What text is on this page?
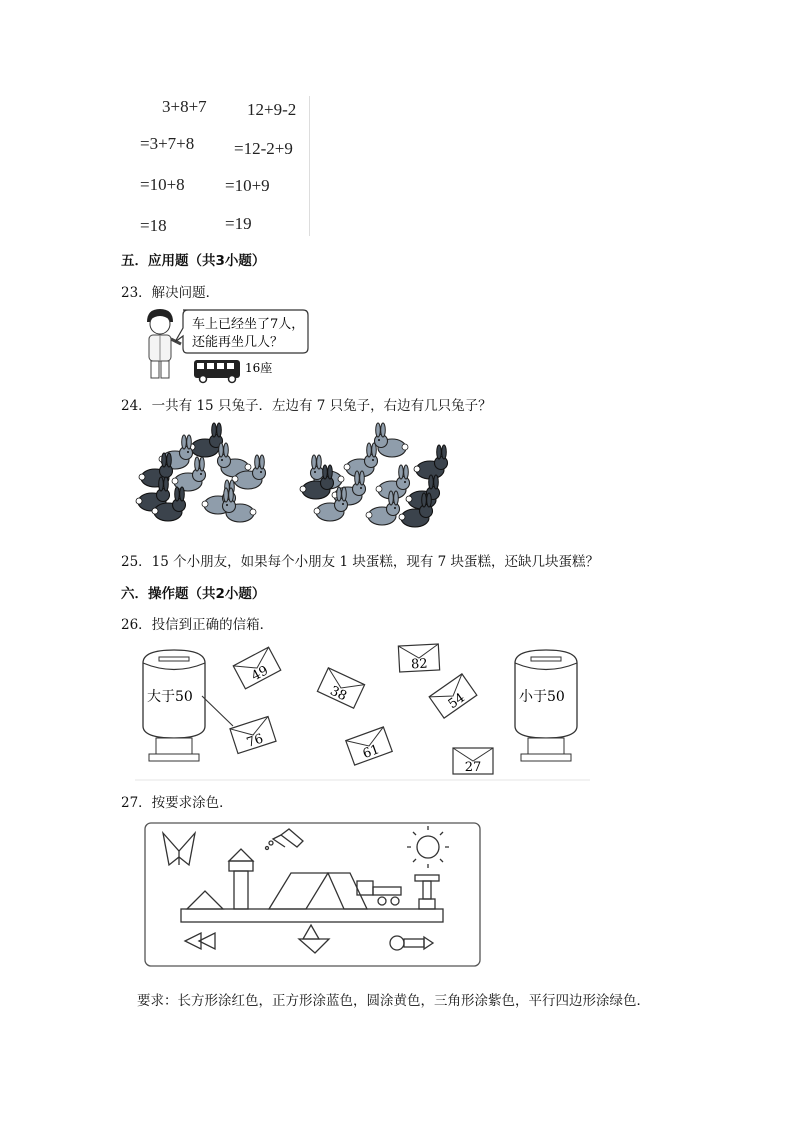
3+8+7
=3+7+8
=10+8
=18
12+9-2
=12-2+9
=10+9
=19
五．应用题（共3小题）
23．解决问题．
车上已经坐了7人，
还能再坐几人？
16座
24．一共有 15 只兔子．左边有 7 只兔子，右边有几只兔子？
25．15 个小朋友，如果每个小朋友 1 块蛋糕，现有 7 块蛋糕，还缺几块蛋糕？
六．操作题（共2小题）
26．投信到正确的信箱．
大于50	小于50
49
38
82
54
76
61
27
27．按要求涂色．
要求：长方形涂红色，正方形涂蓝色，圆涂黄色，三角形涂紫色，平行四边形涂绿色．
